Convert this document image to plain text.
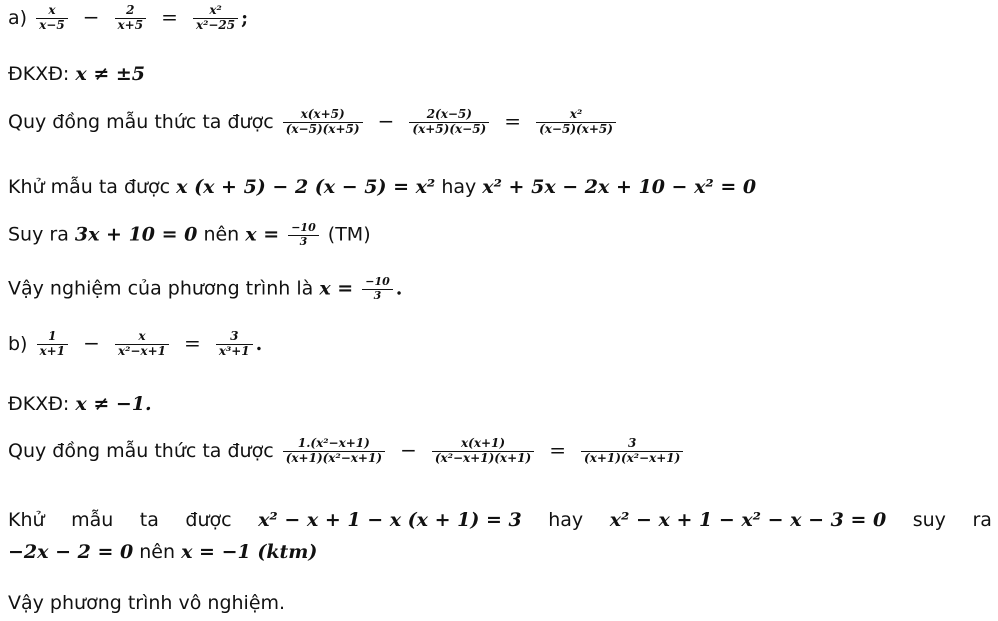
$a) \frac{x}{x-5} - \frac{2}{x+5} = \frac{\text{x²}}{\text{x²−25}}$ ;
ĐKXĐ: x ≠ ±5
Quy đồng mẫu thức ta được $\frac{x(x+5)}{(x-5)(x+5)} - \frac{2(x-5)}{(x+5)(x-5)} = \frac{\text{x²}}{(x-5)(x+5)}$
Khử mẫu ta được x (x + 5) − 2 (x − 5) = x² hay x² + 5x − 2x + 10 − x² = 0
Suy ra 3x + 10 = 0 nên $x = \frac{-10}{3} (TM)$
Vậy nghiệm của phương trình là $x = \frac{-10}{3}$ .
$b) \frac{1}{x+1} - \frac{x}{\text{x²−x+1}} = \frac{3}{\text{x³+1}}$ .
ĐKXĐ: x ≠ −1.
Quy đồng mẫu thức ta được $\frac{\text{1.(x²−x+1)}}{\text{(x+1)(x²−x+1)}} - \frac{x(x+1)}{\text{(x²−x+1)(x+1)}} = \frac{3}{\text{(x+1)(x²−x+1)}}$
Khử mẫu ta được x² − x + 1 − x (x + 1) = 3 hay x² − x + 1 − x² − x − 3 = 0 suy ra
−2x − 2 = 0 nên x = −1 (ktm)
Vậy phương trình vô nghiệm.
